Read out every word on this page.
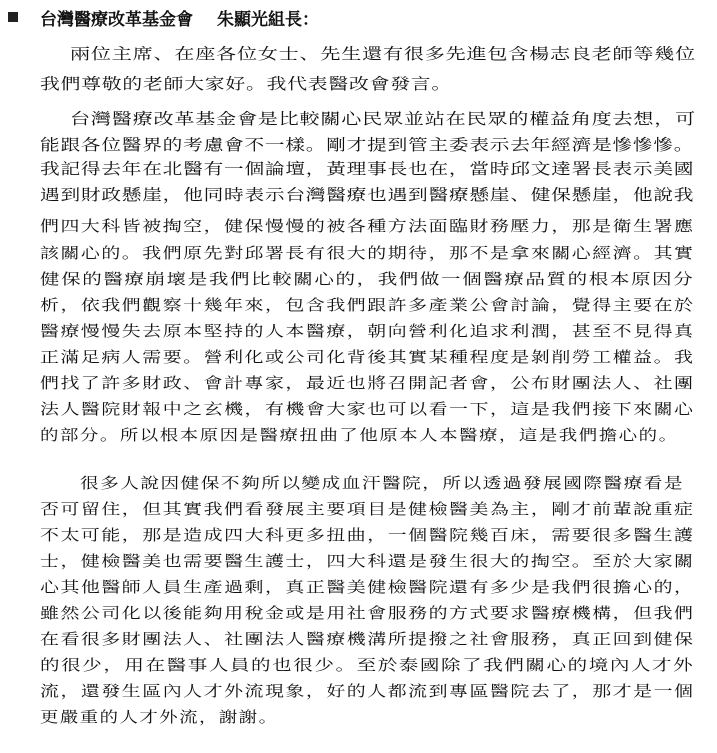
台灣醫療改革基金會 朱顯光組長：
兩位主席、在座各位女士、先生還有很多先進包含楊志良老師等幾位
我們尊敬的老師大家好。我代表醫改會發言。
台灣醫療改革基金會是比較關心民眾並站在民眾的權益角度去想，可
能跟各位醫界的考慮會不一樣。剛才提到管主委表示去年經濟是慘慘慘。
我記得去年在北醫有一個論壇，黃理事長也在，當時邱文達署長表示美國
遇到財政懸崖，他同時表示台灣醫療也遇到醫療懸崖、健保懸崖，他說我
們四大科皆被掏空，健保慢慢的被各種方法面臨財務壓力，那是衛生署應
該關心的。我們原先對邱署長有很大的期待，那不是拿來關心經濟。其實
健保的醫療崩壞是我們比較關心的，我們做一個醫療品質的根本原因分
析，依我們觀察十幾年來，包含我們跟許多產業公會討論，覺得主要在於
醫療慢慢失去原本堅持的人本醫療，朝向營利化追求利潤，甚至不見得真
正滿足病人需要。營利化或公司化背後其實某種程度是剝削勞工權益。我
們找了許多財政、會計專家，最近也將召開記者會，公布財團法人、社團
法人醫院財報中之玄機，有機會大家也可以看一下，這是我們接下來關心
的部分。所以根本原因是醫療扭曲了他原本人本醫療，這是我們擔心的。
很多人說因健保不夠所以變成血汗醫院，所以透過發展國際醫療看是
否可留住，但其實我們看發展主要項目是健檢醫美為主，剛才前輩說重症
不太可能，那是造成四大科更多扭曲，一個醫院幾百床，需要很多醫生護
士，健檢醫美也需要醫生護士，四大科還是發生很大的掏空。至於大家關
心其他醫師人員生產過剩，真正醫美健檢醫院還有多少是我們很擔心的，
雖然公司化以後能夠用稅金或是用社會服務的方式要求醫療機構，但我們
在看很多財團法人、社團法人醫療機溝所提撥之社會服務，真正回到健保
的很少，用在醫事人員的也很少。至於泰國除了我們關心的境內人才外
流，還發生區內人才外流現象，好的人都流到專區醫院去了，那才是一個
更嚴重的人才外流，謝謝。
